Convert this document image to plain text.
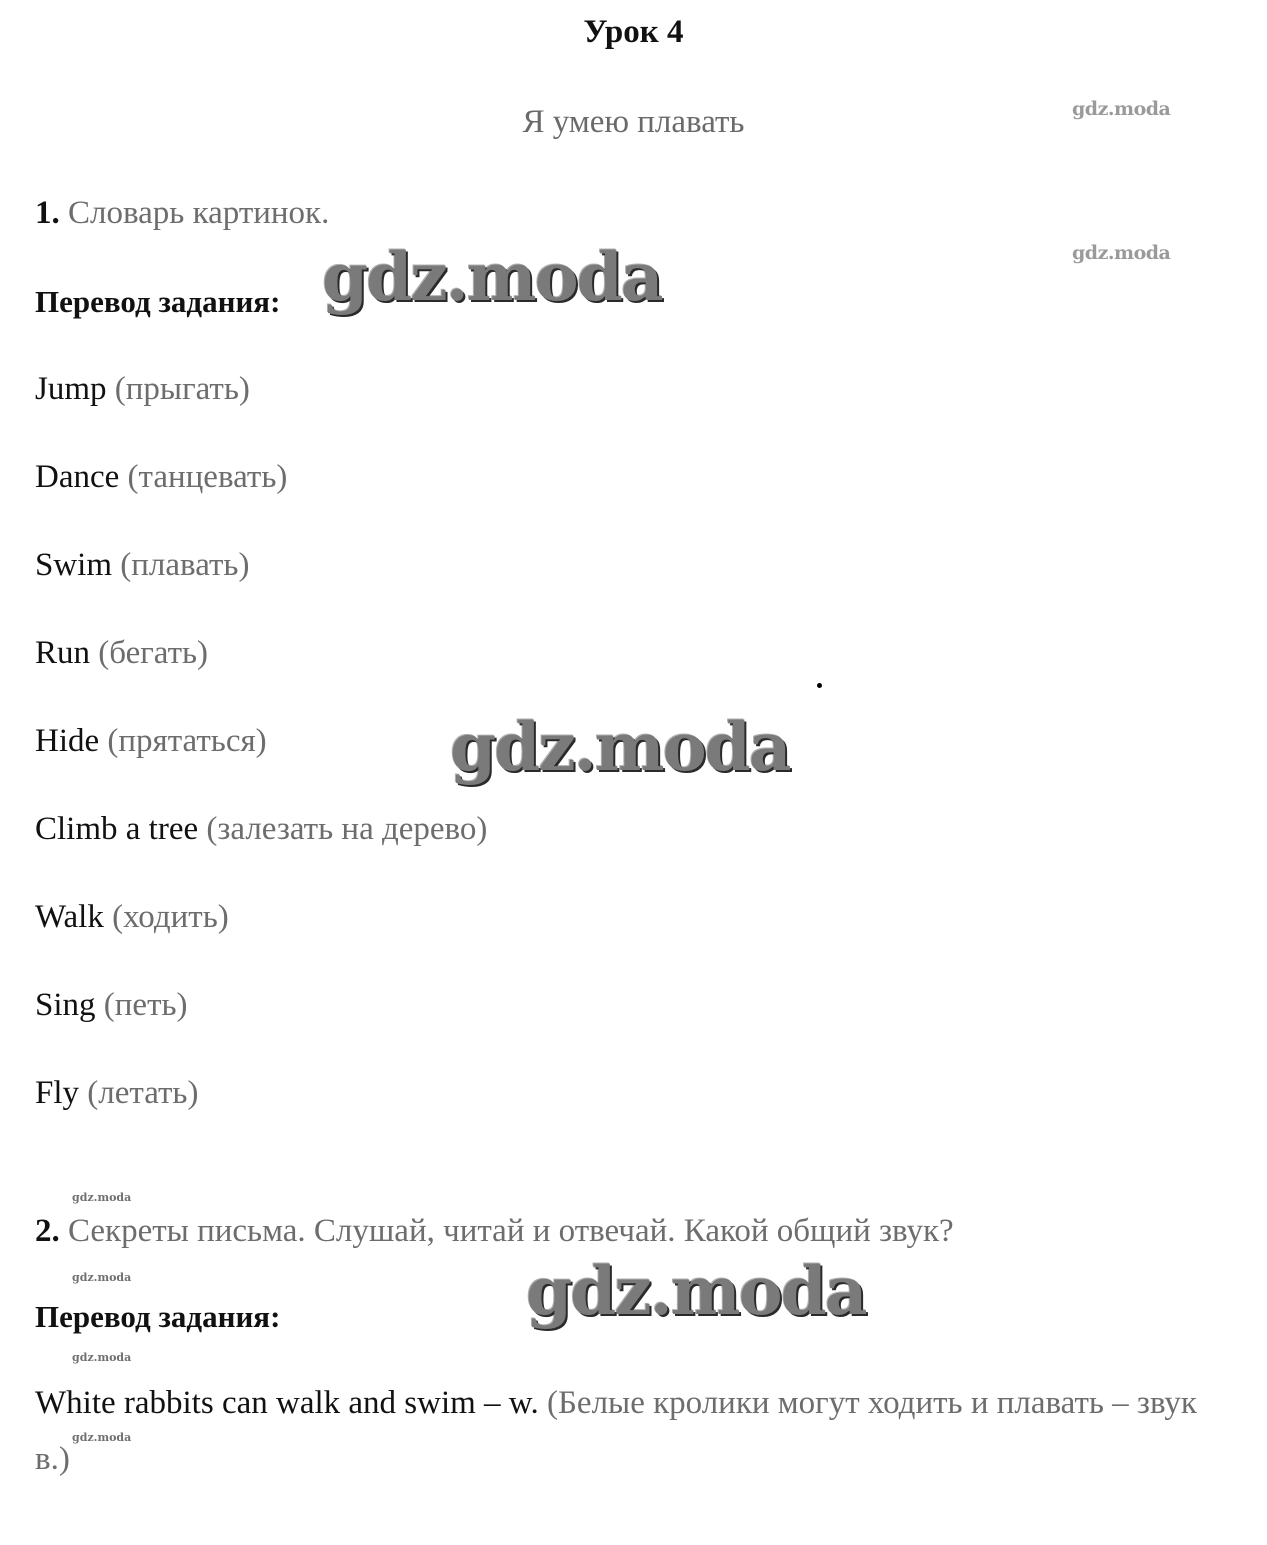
Урок 4
Я умею плавать	gdz.moda
gdz.moda
1. Словарь картинок.
Перевод задания: gdz.moda
Jump (прыгать)
Dance (танцевать)
Swim (плавать)
Run (бегать)
Hide (прятаться)
Climb a tree (залезать на дерево)
Walk (ходить)
Sing (петь)
Fly (летать)
gdz.moda
gdz.moda
2. Секреты письма. Слушай, читай и отвечай. Какой общий звук?
gdz.moda	gdz.moda
Перевод задания:
gdz.moda
White rabbits can walk and swim – w. (Белые кролики могут ходить и плавать – звук в.)
gdz.moda
